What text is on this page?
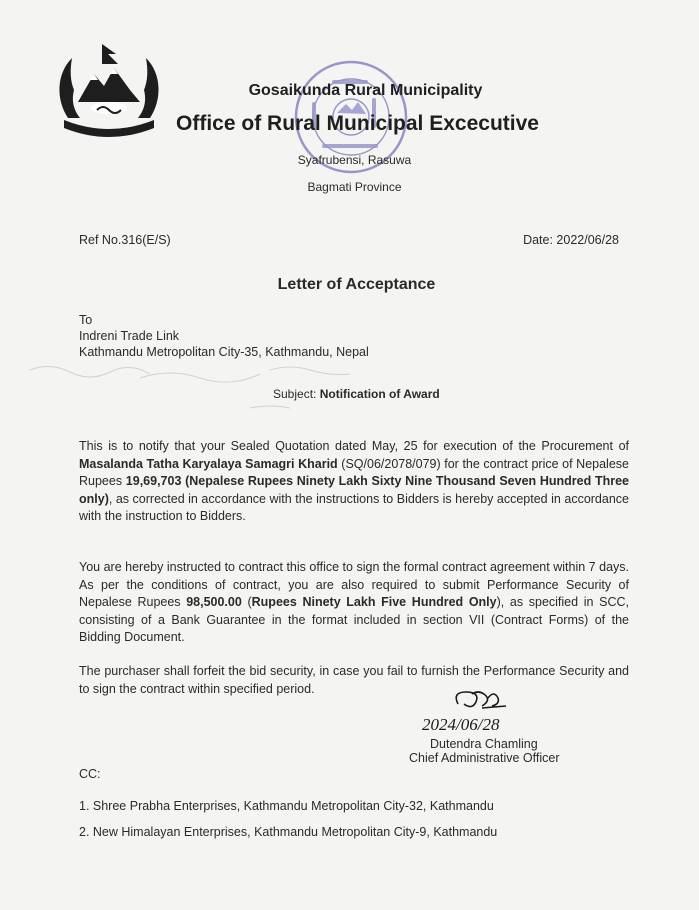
Gosaikunda Rural Municipality
Office of Rural Municipal Excecutive
Syafrubensi, Rasuwa
Bagmati Province
Ref No.316(E/S)	Date: 2022/06/28
Letter of Acceptance
To
Indreni Trade Link
Kathmandu Metropolitan City-35, Kathmandu, Nepal
Subject: Notification of Award
This is to notify that your Sealed Quotation dated May, 25 for execution of the Procurement of Masalanda Tatha Karyalaya Samagri Kharid (SQ/06/2078/079) for the contract price of Nepalese Rupees 19,69,703 (Nepalese Rupees Ninety Lakh Sixty Nine Thousand Seven Hundred Three only), as corrected in accordance with the instructions to Bidders is hereby accepted in accordance with the instruction to Bidders.
You are hereby instructed to contract this office to sign the formal contract agreement within 7 days. As per the conditions of contract, you are also required to submit Performance Security of Nepalese Rupees 98,500.00 (Rupees Ninety Lakh Five Hundred Only), as specified in SCC, consisting of a Bank Guarantee in the format included in section VII (Contract Forms) of the Bidding Document.
The purchaser shall forfeit the bid security, in case you fail to furnish the Performance Security and to sign the contract within specified period.
2024/06/28
Dutendra Chamling
Chief Administrative Officer
CC:
1. Shree Prabha Enterprises, Kathmandu Metropolitan City-32, Kathmandu
2. New Himalayan Enterprises, Kathmandu Metropolitan City-9, Kathmandu
